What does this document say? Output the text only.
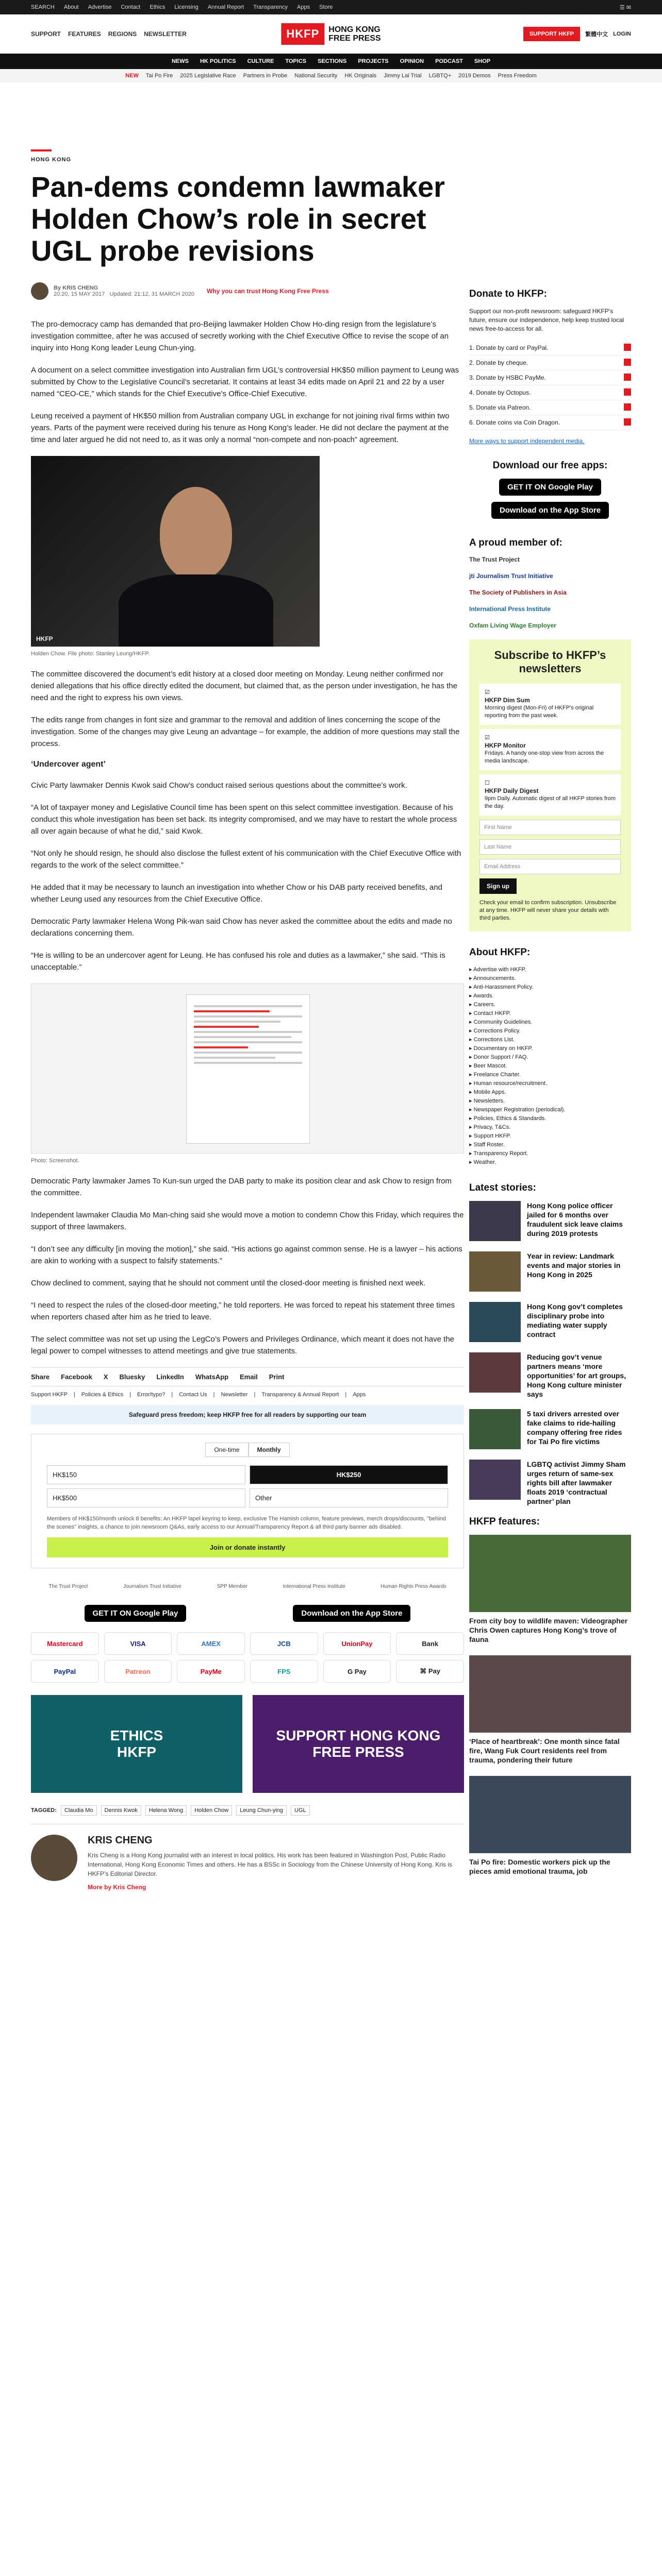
SEARCH About Advertise Contact Ethics Licensing Annual Report Transparency Apps Store	☰ ✉
SUPPORT FEATURES REGIONS NEWSLETTER	HKFP	HONG KONG
FREE PRESS	SUPPORT HKFP	繁體中文 LOGIN
NEWS HK POLITICS CULTURE TOPICS SECTIONS PROJECTS OPINION PODCAST SHOP
NEW Tai Po Fire 2025 Legislative Race Partners in Probe National Security HK Originals Jimmy Lai Trial LGBTQ+ 2019 Demos Press Freedom
HONG KONG
Pan-dems condemn lawmaker Holden Chow’s role in secret UGL probe revisions
By KRIS CHENG
20:20, 15 MAY 2017 Updated: 21:12, 31 MARCH 2020 Why you can trust Hong Kong Free Press

The pro-democracy camp has demanded that pro-Beijing lawmaker Holden Chow Ho-ding resign from the legislature’s investigation committee, after he was accused of secretly working with the Chief Executive Office to revise the scope of an inquiry into Hong Kong leader Leung Chun-ying.

A document on a select committee investigation into Australian firm UGL’s controversial HK$50 million payment to Leung was submitted by Chow to the Legislative Council’s secretariat. It contains at least 34 edits made on April 21 and 22 by a user named “CEO-CE,” which stands for the Chief Executive’s Office-Chief Executive.

Leung received a payment of HK$50 million from Australian company UGL in exchange for not joining rival firms within two years. Parts of the payment were received during his tenure as Hong Kong’s leader. He did not declare the payment at the time and later argued he did not need to, as it was only a normal “non-compete and non-poach” agreement.

HKFP
Holden Chow. File photo: Stanley Leung/HKFP.

The committee discovered the document’s edit history at a closed door meeting on Monday. Leung neither confirmed nor denied allegations that his office directly edited the document, but claimed that, as the person under investigation, he has the need and the right to express his own views.

The edits range from changes in font size and grammar to the removal and addition of lines concerning the scope of the investigation. Some of the changes may give Leung an advantage – for example, the addition of more questions may stall the process.

‘Undercover agent’

Civic Party lawmaker Dennis Kwok said Chow’s conduct raised serious questions about the committee’s work.

“A lot of taxpayer money and Legislative Council time has been spent on this select committee investigation. Because of his conduct this whole investigation has been set back. Its integrity compromised, and we may have to restart the whole process all over again because of what he did,” said Kwok.

“Not only he should resign, he should also disclose the fullest extent of his communication with the Chief Executive Office with regards to the work of the select committee.”

He added that it may be necessary to launch an investigation into whether Chow or his DAB party received benefits, and whether Leung used any resources from the Chief Executive Office.

Democratic Party lawmaker Helena Wong Pik-wan said Chow has never asked the committee about the edits and made no declarations concerning them.

“He is willing to be an undercover agent for Leung. He has confused his role and duties as a lawmaker,” she said. “This is unacceptable.”

Photo: Screenshot.

Democratic Party lawmaker James To Kun-sun urged the DAB party to make its position clear and ask Chow to resign from the committee.

Independent lawmaker Claudia Mo Man-ching said she would move a motion to condemn Chow this Friday, which requires the support of three lawmakers.

“I don’t see any difficulty [in moving the motion],” she said. “His actions go against common sense. He is a lawyer – his actions are akin to working with a suspect to falsify statements.”

Chow declined to comment, saying that he should not comment until the closed-door meeting is finished next week.

“I need to respect the rules of the closed-door meeting,” he told reporters. He was forced to repeat his statement three times when reporters chased after him as he tried to leave.

The select committee was not set up using the LegCo’s Powers and Privileges Ordinance, which meant it does not have the legal power to compel witnesses to attend meetings and give true statements.

Share Facebook X Bluesky LinkedIn WhatsApp Email Print
Support HKFP | Policies & Ethics | Error/typo? | Contact Us | Newsletter | Transparency & Annual Report | Apps
Safeguard press freedom; keep HKFP free for all readers by supporting our team
One-time	Monthly
HK$150	HK$250
HK$500	Other
Members of HK$150/month unlock 8 benefits: An HKFP lapel keyring to keep, exclusive The Hamish column, feature previews, merch drops/discounts, "behind the scenes" insights, a chance to join newsroom Q&As, early access to our Annual/Transparency Report & all third party banner ads disabled.
Join or donate instantly
The Trust Project	Journalism Trust Initiative	SPP Member	International Press Institute	Human Rights Press Awards
GET IT ON Google Play	Download on the App Store
Mastercard	VISA	AMEX	JCB	UnionPay	Bank
PayPal	Patreon	PayMe	FPS	G Pay	⌘ Pay
ETHICS
HKFP
SUPPORT HONG KONG
FREE PRESS
TAGGED:	Claudia Mo	Dennis Kwok	Helena Wong	Holden Chow	Leung Chun-ying	UGL
KRIS CHENG

Kris Cheng is a Hong Kong journalist with an interest in local politics. His work has been featured in Washington Post, Public Radio International, Hong Kong Economic Times and others. He has a BSSc in Sociology from the Chinese University of Hong Kong. Kris is HKFP’s Editorial Director.

More by Kris Cheng

Donate to HKFP:
Support our non-profit newsroom: safeguard HKFP's future, ensure our independence, help keep trusted local news free-to-access for all.
1. Donate by card or PayPal.
2. Donate by cheque.
3. Donate by HSBC PayMe.
4. Donate by Octopus.
5. Donate via Patreon.
6. Donate coins via Coin Dragon.
More ways to support independent media.
Download our free apps:
GET IT ON Google Play
Download on the App Store
A proud member of:
The Trust Project
jti Journalism Trust Initiative
The Society of Publishers in Asia
International Press Institute
Oxfam Living Wage Employer
Subscribe to HKFP’s newsletters
☑
HKFP Dim Sum
Morning digest (Mon-Fri) of HKFP's original reporting from the past week.
☑
HKFP Monitor
Fridays. A handy one-stop view from across the media landscape.
☐
HKFP Daily Digest
9pm Daily. Automatic digest of all HKFP stories from the day.
First Name
Last Name
Email Address
Sign up
Check your email to confirm subscription. Unsubscribe at any time. HKFP will never share your details with third parties.
About HKFP:
▸ Advertise with HKFP.
▸ Announcements.
▸ Anti-Harassment Policy.
▸ Awards.
▸ Careers.
▸ Contact HKFP.
▸ Community Guidelines.
▸ Corrections Policy.
▸ Corrections List.
▸ Documentary on HKFP.
▸ Donor Support / FAQ.
▸ Beer Mascot.
▸ Freelance Charter.
▸ Human resource/recruitment.
▸ Mobile Apps.
▸ Newsletters.
▸ Newspaper Registration (periodical).
▸ Policies, Ethics & Standards.
▸ Privacy, T&Cs.
▸ Support HKFP.
▸ Staff Roster.
▸ Transparency Report.
▸ Weather.
Latest stories:
Hong Kong police officer jailed for 6 months over fraudulent sick leave claims during 2019 protests
Year in review: Landmark events and major stories in Hong Kong in 2025
Hong Kong gov’t completes disciplinary probe into mediating water supply contract
Reducing gov’t venue partners means ‘more opportunities’ for art groups, Hong Kong culture minister says
5 taxi drivers arrested over fake claims to ride-hailing company offering free rides for Tai Po fire victims
LGBTQ activist Jimmy Sham urges return of same-sex rights bill after lawmaker floats 2019 ‘contractual partner’ plan
HKFP features:
From city boy to wildlife maven: Videographer Chris Owen captures Hong Kong’s trove of fauna
‘Place of heartbreak’: One month since fatal fire, Wang Fuk Court residents reel from trauma, pondering their future
Tai Po fire: Domestic workers pick up the pieces amid emotional trauma, job
